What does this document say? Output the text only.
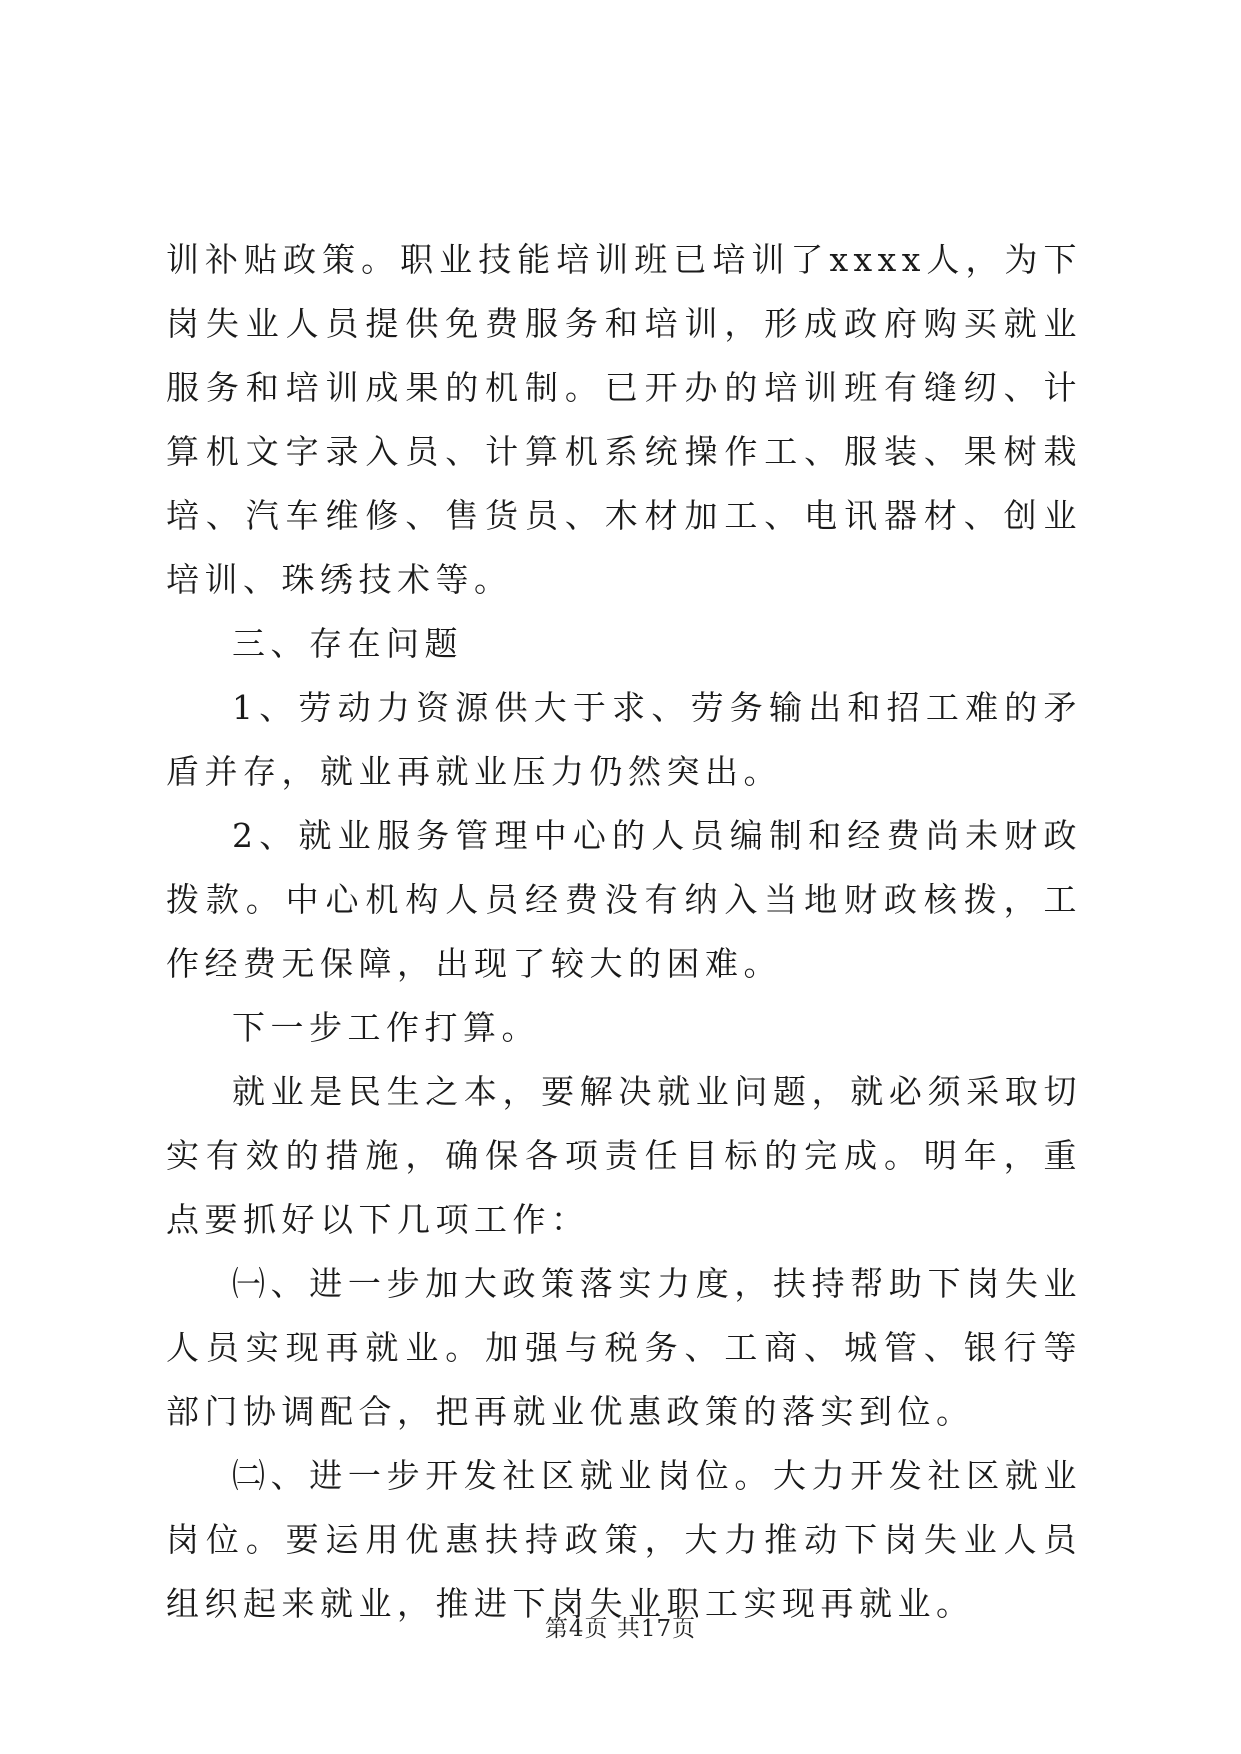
训补贴政策。职业技能培训班已培训了xxxx人，为下岗失业人员提供免费服务和培训，形成政府购买就业服务和培训成果的机制。已开办的培训班有缝纫、计算机文字录入员、计算机系统操作工、服装、果树栽培、汽车维修、售货员、木材加工、电讯器材、创业培训、珠绣技术等。

三、存在问题

1、劳动力资源供大于求、劳务输出和招工难的矛盾并存，就业再就业压力仍然突出。

2、就业服务管理中心的人员编制和经费尚未财政拨款。中心机构人员经费没有纳入当地财政核拨，工作经费无保障，出现了较大的困难。

下一步工作打算。

就业是民生之本，要解决就业问题，就必须采取切实有效的措施，确保各项责任目标的完成。明年，重点要抓好以下几项工作：

㈠、进一步加大政策落实力度，扶持帮助下岗失业人员实现再就业。加强与税务、工商、城管、银行等部门协调配合，把再就业优惠政策的落实到位。

㈡、进一步开发社区就业岗位。大力开发社区就业岗位。要运用优惠扶持政策，大力推动下岗失业人员组织起来就业，推进下岗失业职工实现再就业。

第4页 共17页
